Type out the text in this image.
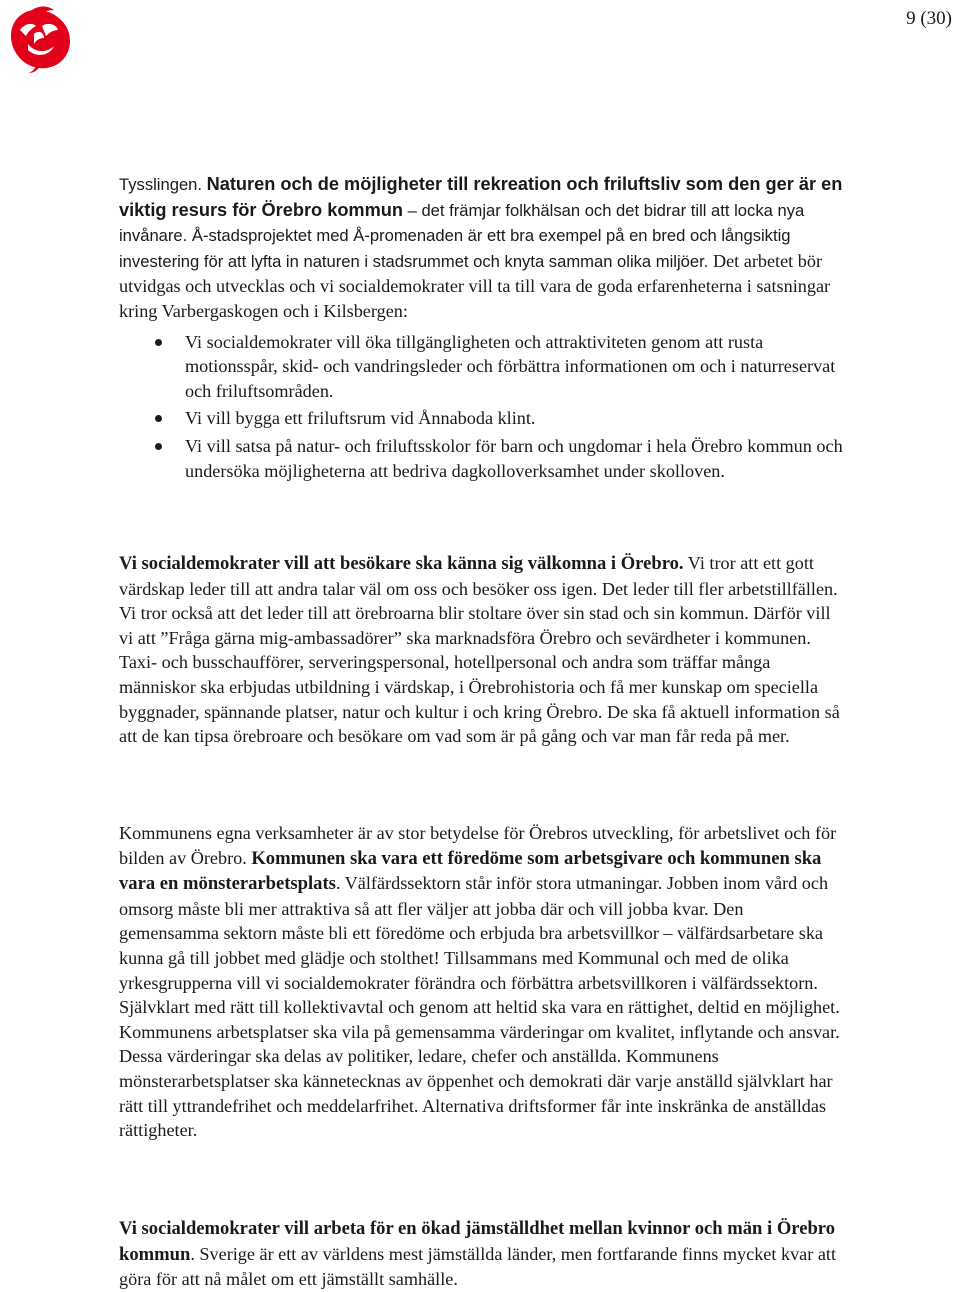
9 (30)

Tysslingen. Naturen och de möjligheter till rekreation och friluftsliv som den ger är en viktig resurs för Örebro kommun – det främjar folkhälsan och det bidrar till att locka nya invånare. Å-stadsprojektet med Å-promenaden är ett bra exempel på en bred och långsiktig investering för att lyfta in naturen i stadsrummet och knyta samman olika miljöer. Det arbetet bör utvidgas och utvecklas och vi socialdemokrater vill ta till vara de goda erfarenheterna i satsningar kring Varbergaskogen och i Kilsbergen:

Vi socialdemokrater vill öka tillgängligheten och attraktiviteten genom att rusta motionsspår, skid- och vandringsleder och förbättra informationen om och i naturreservat och friluftsområden.
Vi vill bygga ett friluftsrum vid Ånnaboda klint.
Vi vill satsa på natur- och friluftsskolor för barn och ungdomar i hela Örebro kommun och undersöka möjligheterna att bedriva dagkolloverksamhet under skolloven.

Vi socialdemokrater vill att besökare ska känna sig välkomna i Örebro. Vi tror att ett gott värdskap leder till att andra talar väl om oss och besöker oss igen. Det leder till fler arbetstillfällen. Vi tror också att det leder till att örebroarna blir stoltare över sin stad och sin kommun. Därför vill vi att ”Fråga gärna mig-ambassadörer” ska marknadsföra Örebro och sevärdheter i kommunen. Taxi- och busschaufförer, serveringspersonal, hotellpersonal och andra som träffar många människor ska erbjudas utbildning i värdskap, i Örebrohistoria och få mer kunskap om speciella byggnader, spännande platser, natur och kultur i och kring Örebro. De ska få aktuell information så att de kan tipsa örebroare och besökare om vad som är på gång och var man får reda på mer.

Kommunens egna verksamheter är av stor betydelse för Örebros utveckling, för arbetslivet och för bilden av Örebro. Kommunen ska vara ett föredöme som arbetsgivare och kommunen ska vara en mönsterarbetsplats. Välfärdssektorn står inför stora utmaningar. Jobben inom vård och omsorg måste bli mer attraktiva så att fler väljer att jobba där och vill jobba kvar. Den gemensamma sektorn måste bli ett föredöme och erbjuda bra arbetsvillkor – välfärdsarbetare ska kunna gå till jobbet med glädje och stolthet! Tillsammans med Kommunal och med de olika yrkesgrupperna vill vi socialdemokrater förändra och förbättra arbetsvillkoren i välfärdssektorn. Självklart med rätt till kollektivavtal och genom att heltid ska vara en rättighet, deltid en möjlighet. Kommunens arbetsplatser ska vila på gemensamma värderingar om kvalitet, inflytande och ansvar. Dessa värderingar ska delas av politiker, ledare, chefer och anställda. Kommunens mönsterarbetsplatser ska kännetecknas av öppenhet och demokrati där varje anställd självklart har rätt till yttrandefrihet och meddelarfrihet. Alternativa driftsformer får inte inskränka de anställdas rättigheter.

Vi socialdemokrater vill arbeta för en ökad jämställdhet mellan kvinnor och män i Örebro kommun. Sverige är ett av världens mest jämställda länder, men fortfarande finns mycket kvar att göra för att nå målet om ett jämställt samhälle.
